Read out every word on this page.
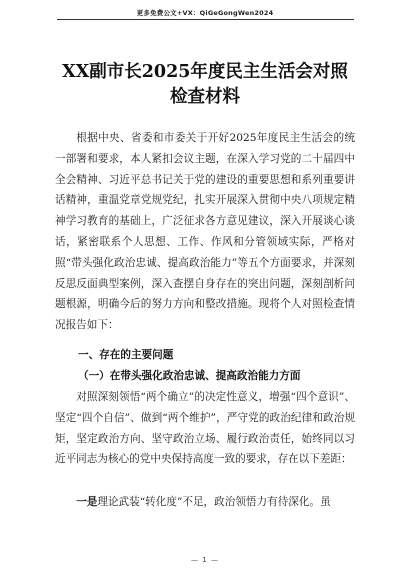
更多免费公文+VX：QiGeGongWen2024
XX副市长2025年度民主生活会对照检查材料
根据中央、省委和市委关于开好2025年度民主生活会的统一部署和要求，本人紧扣会议主题，在深入学习党的二十届四中全会精神、习近平总书记关于党的建设的重要思想和系列重要讲话精神，重温党章党规党纪，扎实开展深入贯彻中央八项规定精神学习教育的基础上，广泛征求各方意见建议，深入开展谈心谈话，紧密联系个人思想、工作、作风和分管领域实际，严格对照“带头强化政治忠诚、提高政治能力”等五个方面要求，并深刻反思反面典型案例，深入查摆自身存在的突出问题，深刻剖析问题根源，明确今后的努力方向和整改措施。现将个人对照检查情况报告如下：
一、存在的主要问题
（一）在带头强化政治忠诚、提高政治能力方面
对照深刻领悟“两个确立”的决定性意义，增强“四个意识”、坚定“四个自信”、做到“两个维护”，严守党的政治纪律和政治规矩，坚定政治方向、坚守政治立场、履行政治责任，始终同以习近平同志为核心的党中央保持高度一致的要求，存在以下差距：
一是理论武装“转化度”不足，政治领悟力有待深化。虽
— 1 —
